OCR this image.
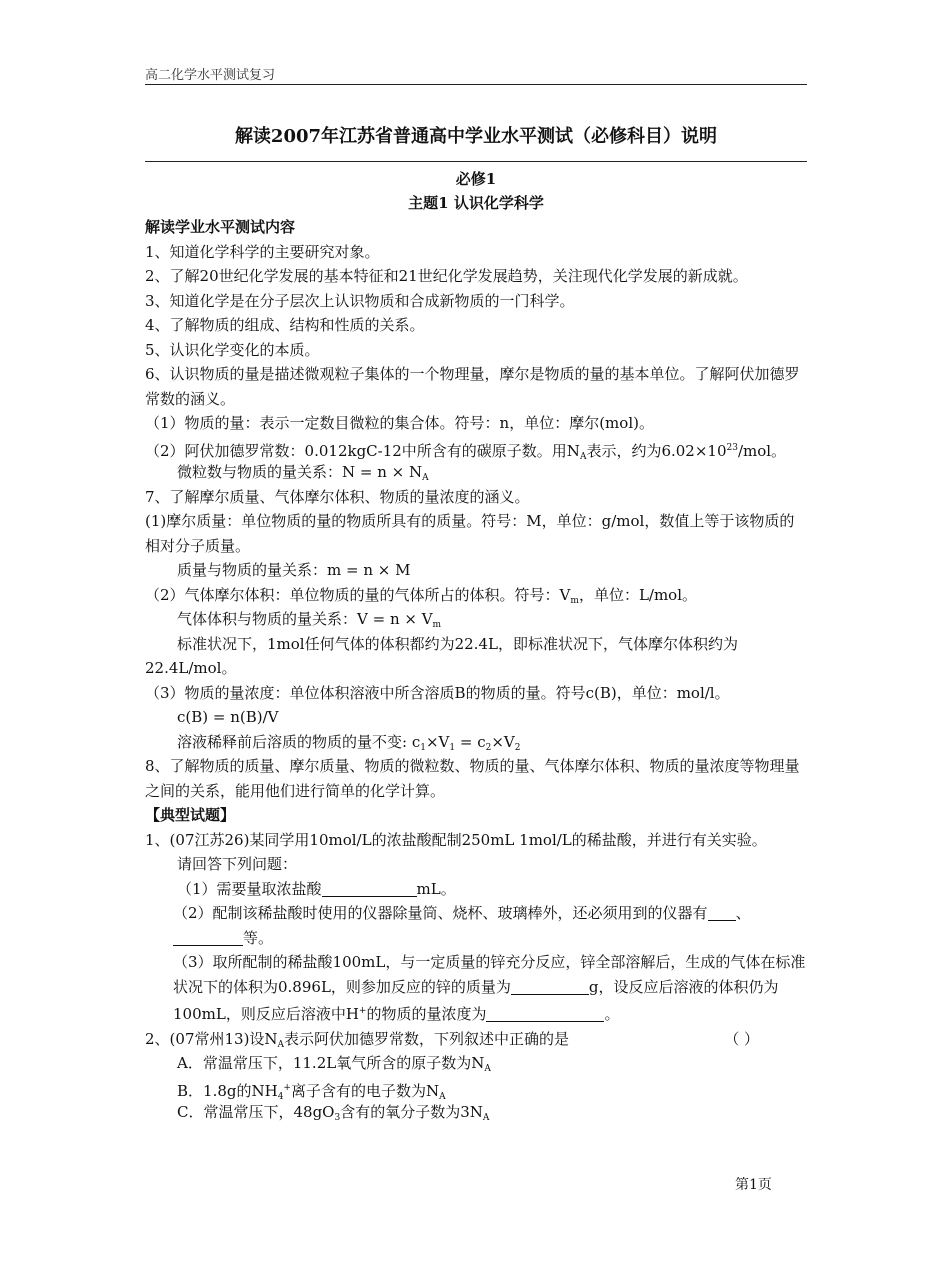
高二化学水平测试复习
解读2007年江苏省普通高中学业水平测试（必修科目）说明
必修1
主题1 认识化学科学
解读学业水平测试内容
1、知道化学科学的主要研究对象。
2、了解20世纪化学发展的基本特征和21世纪化学发展趋势，关注现代化学发展的新成就。
3、知道化学是在分子层次上认识物质和合成新物质的一门科学。
4、了解物质的组成、结构和性质的关系。
5、认识化学变化的本质。
6、认识物质的量是描述微观粒子集体的一个物理量，摩尔是物质的量的基本单位。了解阿伏加德罗常数的涵义。
（1）物质的量：表示一定数目微粒的集合体。符号：n，单位：摩尔(mol)。
（2）阿伏加德罗常数：0.012kgC-12中所含有的碳原子数。用$N_A$表示，约为$6.02\times 10^{23}$/mol。
微粒数与物质的量关系：$N = n \times N_A$
7、了解摩尔质量、气体摩尔体积、物质的量浓度的涵义。
(1)摩尔质量：单位物质的量的物质所具有的质量。符号：M，单位：g/mol，数值上等于该物质的相对分子质量。
质量与物质的量关系：m = n × M
（2）气体摩尔体积：单位物质的量的气体所占的体积。符号：$V_m$，单位：L/mol。
气体体积与物质的量关系：$V = n \times V_m$
标准状况下，1mol任何气体的体积都约为22.4L，即标准状况下，气体摩尔体积约为22.4L/mol。
（3）物质的量浓度：单位体积溶液中所含溶质B的物质的量。符号c(B)，单位：mol/l。
c(B) = n(B)/V
溶液稀释前后溶质的物质的量不变: $c_1\times V_1 = c_2\times V_2$
8、了解物质的质量、摩尔质量、物质的微粒数、物质的量、气体摩尔体积、物质的量浓度等物理量之间的关系，能用他们进行简单的化学计算。
【典型试题】
1、(07江苏26)某同学用10mol/L的浓盐酸配制250mL 1mol/L的稀盐酸，并进行有关实验。
请回答下列问题：
（1）需要量取浓盐酸	mL。
（2）配制该稀盐酸时使用的仪器除量筒、烧杯、玻璃棒外，还必须用到的仪器有 、等。
（3）取所配制的稀盐酸100mL，与一定质量的锌充分反应，锌全部溶解后，生成的气体在标准状况下的体积为0.896L，则参加反应的锌的质量为	g，设反应后溶液的体积仍为100mL，则反应后溶液中H+的物质的量浓度为	。
2、(07常州13)设$N_A$表示阿伏加德罗常数，下列叙述中正确的是	（ ）
A．常温常压下，11.2L氧气所含的原子数为$N_A$
B．1.8g的$NH_4^+$离子含有的电子数为$N_A$
C．常温常压下，$48gO_3$含有的氧分子数为$3N_A$
第1页
